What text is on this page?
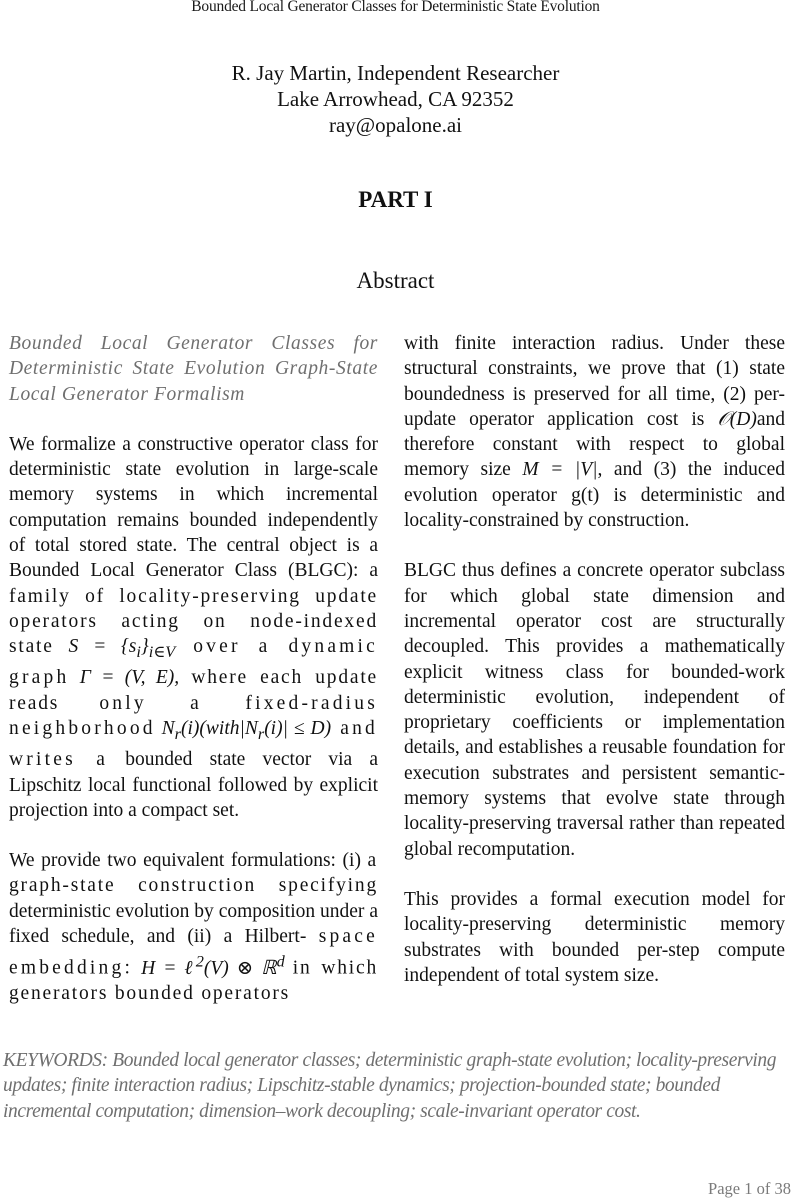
Bounded Local Generator Classes for Deterministic State Evolution
R. Jay Martin, Independent Researcher
Lake Arrowhead, CA 92352
ray@opalone.ai
PART I
Abstract

Bounded Local Generator Classes for Deterministic State Evolution Graph-State Local Generator Formalism

We formalize a constructive operator class for deterministic state evolution in large-scale memory systems in which incremental computation remains bounded independently of total stored state. The central object is a Bounded Local Generator Class (BLGC): a family of locality-preserving update operators acting on node-indexed state $S = \{s_i\}_{i\in V}$ over a dynamic graph Γ = (V, E), where each update reads only a fixed-radius neighborhood $N_r(i)(with|N_r(i)| \le D)$ and writes a bounded state vector via a Lipschitz local functional followed by explicit projection into a compact set.

We provide two equivalent formulations: (i) a graph-state construction specifying deterministic evolution by composition under a fixed schedule, and (ii) a Hilbert- space embedding: H = ℓ$^2$(V) ⊗ ℝ$^d$ in which generators bounded operators

with finite interaction radius. Under these structural constraints, we prove that (1) state boundedness is preserved for all time, (2) per-update operator application cost is 𝒪(D)and therefore constant with respect to global memory size M = |V|, and (3) the induced evolution operator g(t) is deterministic and locality-constrained by construction.

BLGC thus defines a concrete operator subclass for which global state dimension and incremental operator cost are structurally decoupled. This provides a mathematically explicit witness class for bounded-work deterministic evolution, independent of proprietary coefficients or implementation details, and establishes a reusable foundation for execution substrates and persistent semantic-memory systems that evolve state through locality-preserving traversal rather than repeated global recomputation.

This provides a formal execution model for locality-preserving deterministic memory substrates with bounded per-step compute independent of total system size.

KEYWORDS: Bounded local generator classes; deterministic graph-state evolution; locality-preserving updates; finite interaction radius; Lipschitz-stable dynamics; projection-bounded state; bounded incremental computation; dimension–work decoupling; scale-invariant operator cost.
Page 1 of 38
